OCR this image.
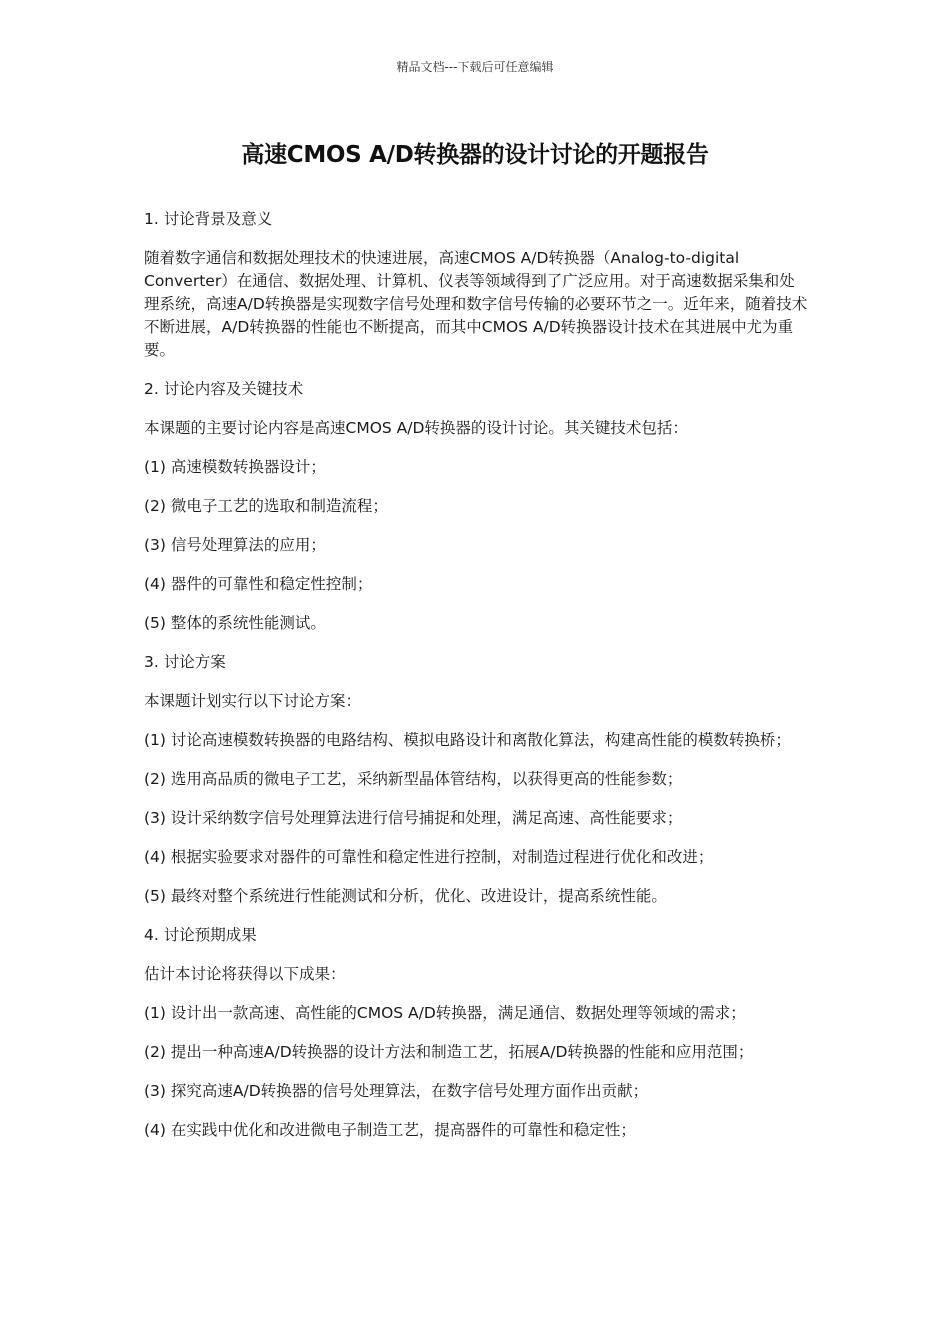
精品文档---下载后可任意编辑
高速CMOS A/D转换器的设计讨论的开题报告

1. 讨论背景及意义

随着数字通信和数据处理技术的快速进展，高速CMOS A/D转换器（Analog-to-digital Converter）在通信、数据处理、计算机、仪表等领域得到了广泛应用。对于高速数据采集和处理系统，高速A/D转换器是实现数字信号处理和数字信号传输的必要环节之一。近年来，随着技术不断进展，A/D转换器的性能也不断提高，而其中CMOS A/D转换器设计技术在其进展中尤为重要。

2. 讨论内容及关键技术

本课题的主要讨论内容是高速CMOS A/D转换器的设计讨论。其关键技术包括：

(1) 高速模数转换器设计；

(2) 微电子工艺的选取和制造流程；

(3) 信号处理算法的应用；

(4) 器件的可靠性和稳定性控制；

(5) 整体的系统性能测试。

3. 讨论方案

本课题计划实行以下讨论方案：

(1) 讨论高速模数转换器的电路结构、模拟电路设计和离散化算法，构建高性能的模数转换桥；

(2) 选用高品质的微电子工艺，采纳新型晶体管结构，以获得更高的性能参数；

(3) 设计采纳数字信号处理算法进行信号捕捉和处理，满足高速、高性能要求；

(4) 根据实验要求对器件的可靠性和稳定性进行控制，对制造过程进行优化和改进；

(5) 最终对整个系统进行性能测试和分析，优化、改进设计，提高系统性能。

4. 讨论预期成果

估计本讨论将获得以下成果：

(1) 设计出一款高速、高性能的CMOS A/D转换器，满足通信、数据处理等领域的需求；

(2) 提出一种高速A/D转换器的设计方法和制造工艺，拓展A/D转换器的性能和应用范围；

(3) 探究高速A/D转换器的信号处理算法，在数字信号处理方面作出贡献；

(4) 在实践中优化和改进微电子制造工艺，提高器件的可靠性和稳定性；
